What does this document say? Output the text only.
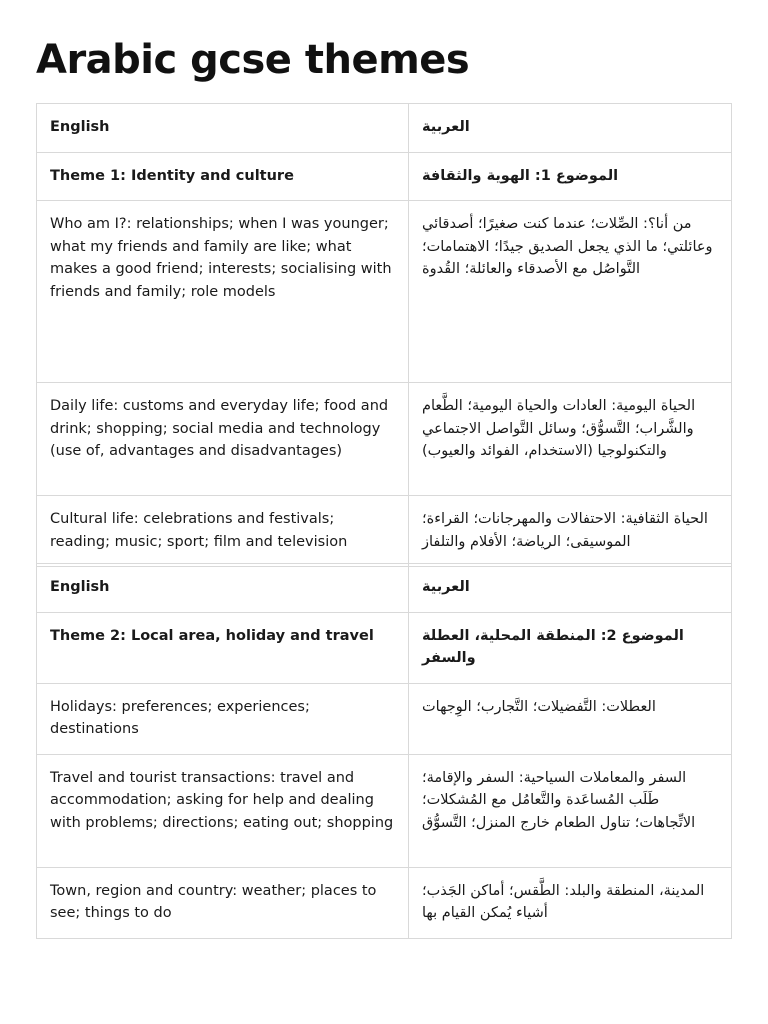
Arabic gcse themes
English	العربية

Theme 1: Identity and culture	الموضوع 1: الهوية والثقافة

Who am I?: relationships; when I was younger; what my friends and family are like; what makes a good friend; interests; socialising with friends and family; role models	من أنا؟: الصِّلات؛ عندما كنت صغيرًا؛ أصدقائي وعائلتي؛ ما الذي يجعل الصديق جيدًا؛ الاهتمامات؛ التَّواصُل مع الأصدقاء والعائلة؛ القُدوة

Daily life: customs and everyday life; food and drink; shopping; social media and technology (use of, advantages and disadvantages)	الحياة اليومية: العادات والحياة اليومية؛ الطَّعام والشَّراب؛ التَّسوُّق؛ وسائل التَّواصل الاجتماعي والتكنولوجيا (الاستخدام، الفوائد والعيوب)

Cultural life: celebrations and festivals; reading; music; sport; film and television	الحياة الثقافية: الاحتفالات والمهرجانات؛ القراءة؛ الموسيقى؛ الرياضة؛ الأفلام والتلفاز
English	العربية

Theme 2: Local area, holiday and travel	الموضوع 2: المنطقة المحلية، العطلة والسفر

Holidays: preferences; experiences; destinations	العطلات: التَّفضيلات؛ التَّجارب؛ الوِجهات

Travel and tourist transactions: travel and accommodation; asking for help and dealing with problems; directions; eating out; shopping	السفر والمعاملات السياحية: السفر والإقامة؛ طَلَب المُساعَدة والتَّعامُل مع المُشكلات؛ الاتِّجاهات؛ تناول الطعام خارج المنزل؛ التَّسوُّق

Town, region and country: weather; places to see; things to do	المدينة، المنطقة والبلد: الطَّقس؛ أماكن الجَذب؛ أشياء يُمكن القيام بها
